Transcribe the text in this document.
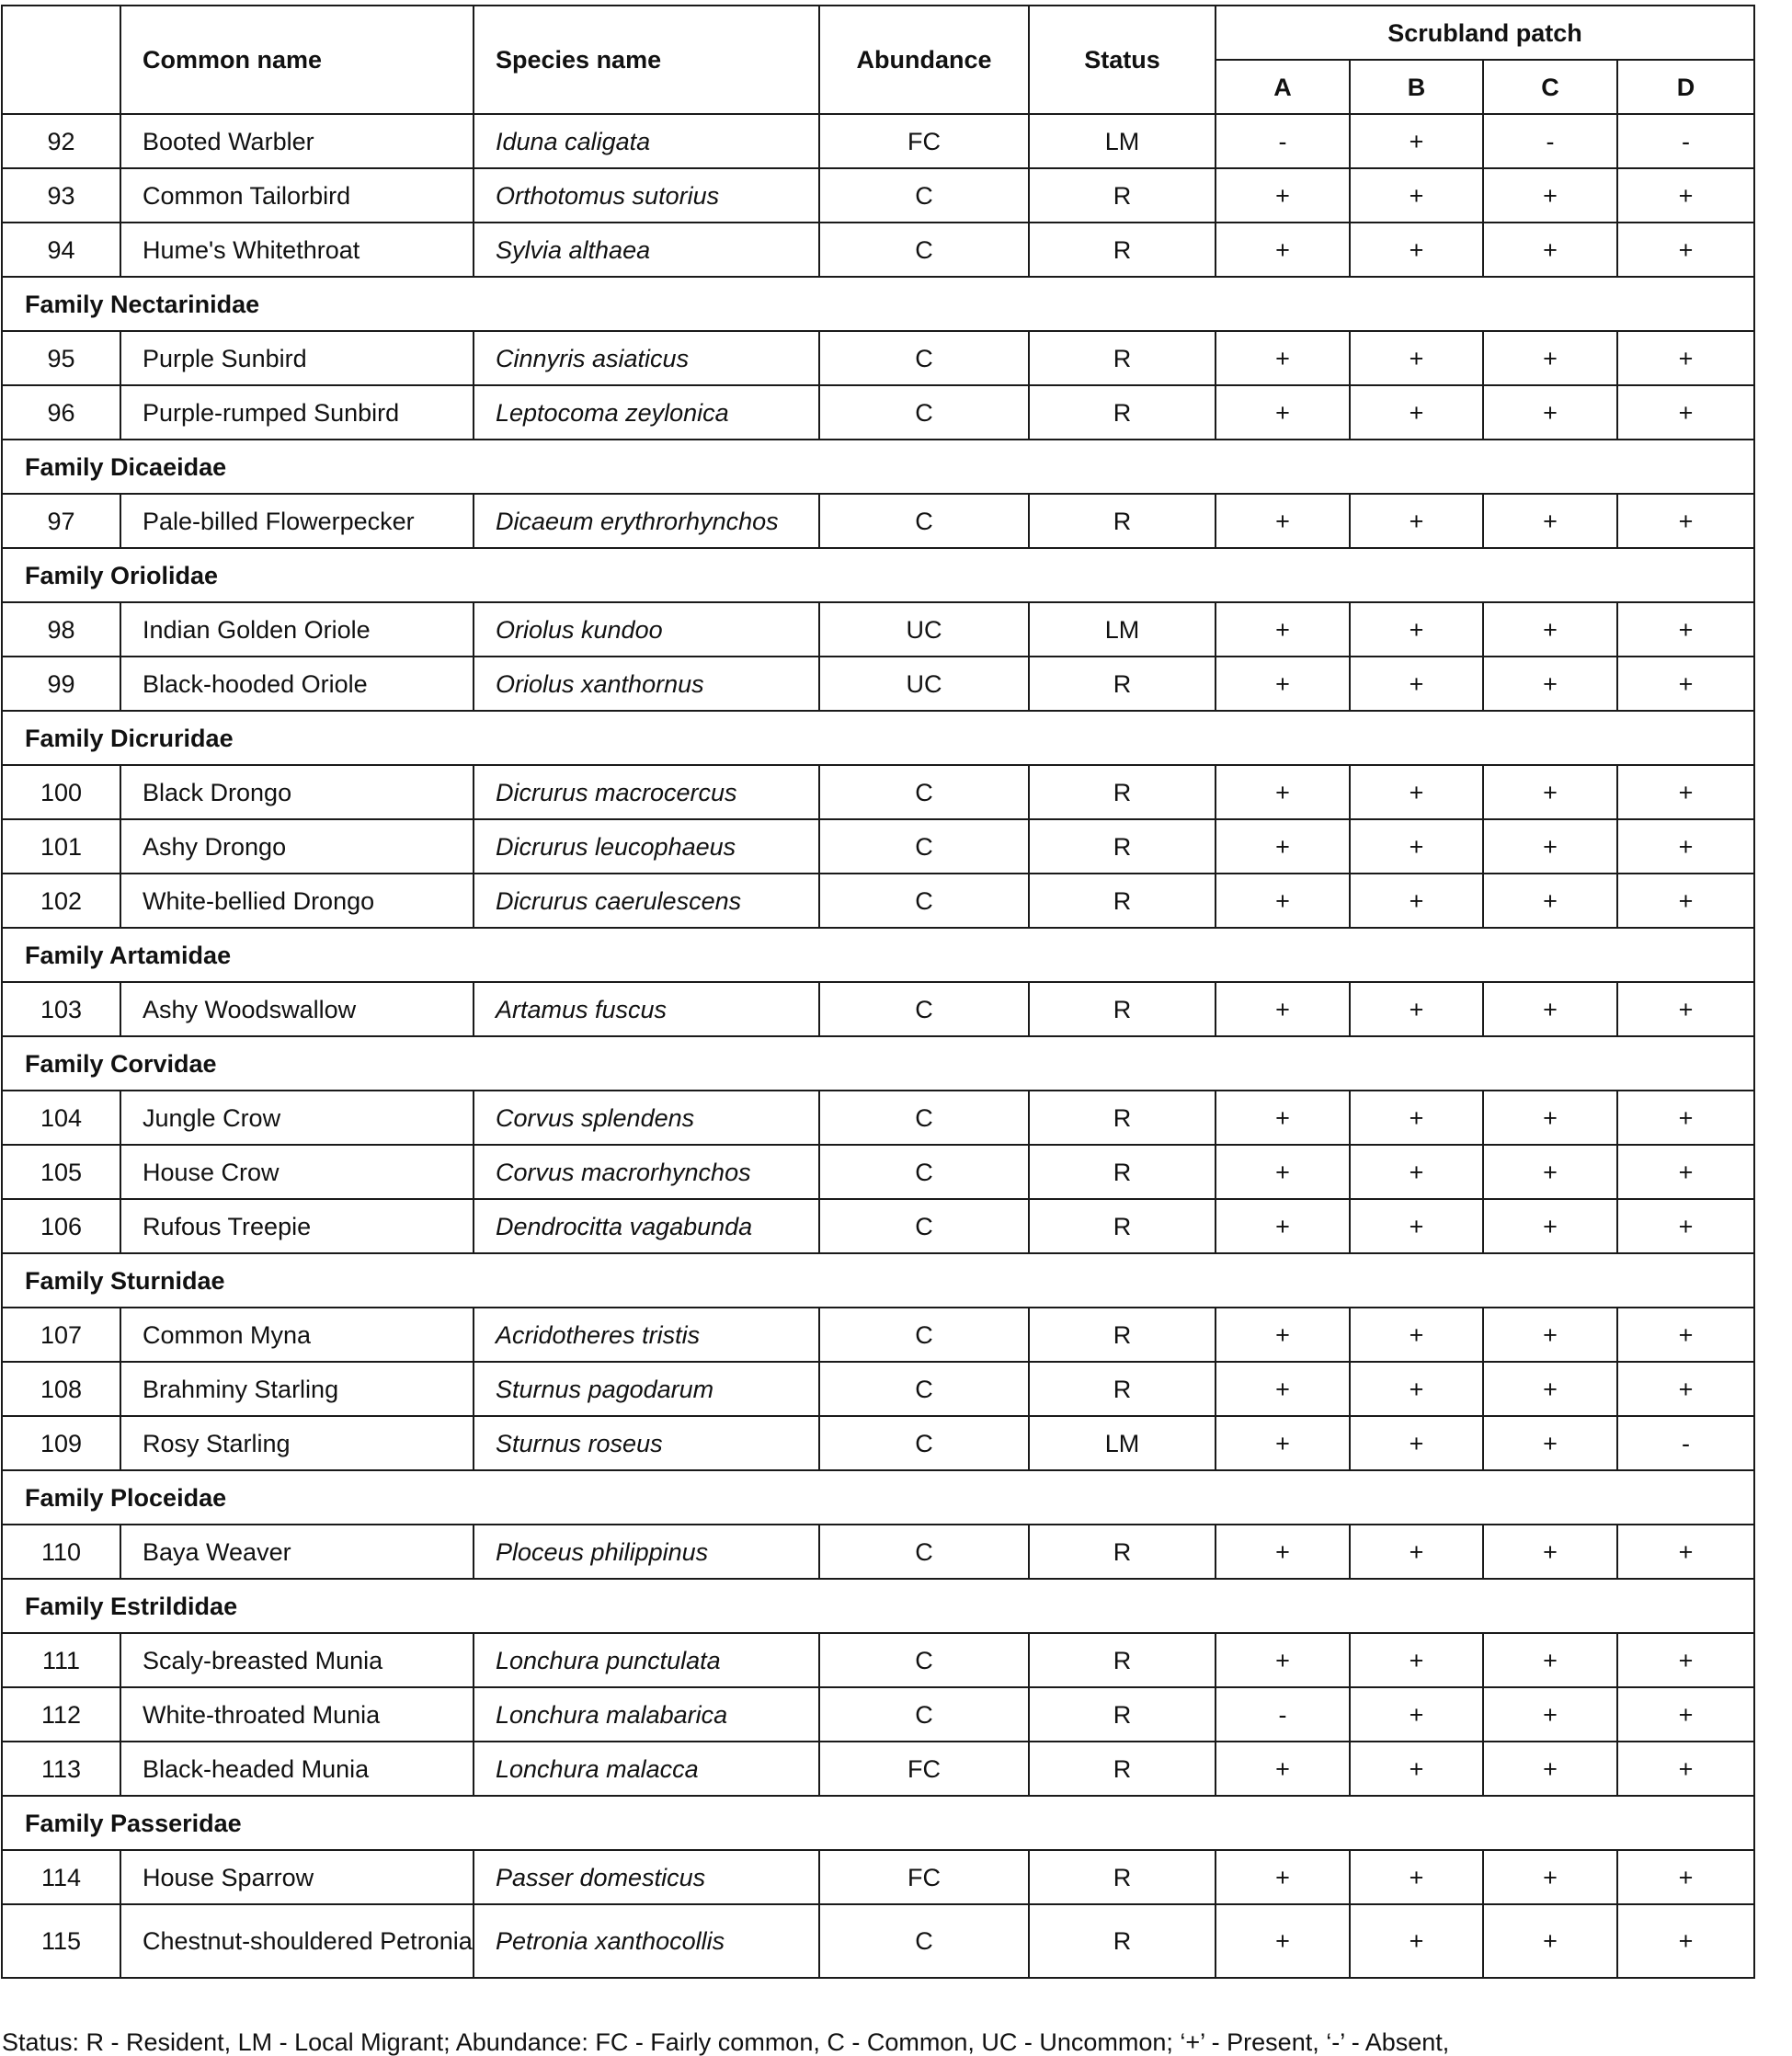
	Common name	Species name	Abundance	Status	Scrubland patch			
					A	B	C	D
92	Booted Warbler	Iduna caligata	FC	LM	-	+	-	-
93	Common Tailorbird	Orthotomus sutorius	C	R	+	+	+	+
94	Hume's Whitethroat	Sylvia althaea	C	R	+	+	+	+
Family Nectarinidae								
95	Purple Sunbird	Cinnyris asiaticus	C	R	+	+	+	+
96	Purple-rumped Sunbird	Leptocoma zeylonica	C	R	+	+	+	+
Family Dicaeidae								
97	Pale-billed Flowerpecker	Dicaeum erythrorhynchos	C	R	+	+	+	+
Family Oriolidae								
98	Indian Golden Oriole	Oriolus kundoo	UC	LM	+	+	+	+
99	Black-hooded Oriole	Oriolus xanthornus	UC	R	+	+	+	+
Family Dicruridae								
100	Black Drongo	Dicrurus macrocercus	C	R	+	+	+	+
101	Ashy Drongo	Dicrurus leucophaeus	C	R	+	+	+	+
102	White-bellied Drongo	Dicrurus caerulescens	C	R	+	+	+	+
Family Artamidae								
103	Ashy Woodswallow	Artamus fuscus	C	R	+	+	+	+
Family Corvidae								
104	Jungle Crow	Corvus splendens	C	R	+	+	+	+
105	House Crow	Corvus macrorhynchos	C	R	+	+	+	+
106	Rufous Treepie	Dendrocitta vagabunda	C	R	+	+	+	+
Family Sturnidae								
107	Common Myna	Acridotheres tristis	C	R	+	+	+	+
108	Brahminy Starling	Sturnus pagodarum	C	R	+	+	+	+
109	Rosy Starling	Sturnus roseus	C	LM	+	+	+	-
Family Ploceidae								
110	Baya Weaver	Ploceus philippinus	C	R	+	+	+	+
Family Estrildidae								
111	Scaly-breasted Munia	Lonchura punctulata	C	R	+	+	+	+
112	White-throated Munia	Lonchura malabarica	C	R	-	+	+	+
113	Black-headed Munia	Lonchura malacca	FC	R	+	+	+	+
Family Passeridae								
114	House Sparrow	Passer domesticus	FC	R	+	+	+	+
115	Chestnut-shouldered Petronia	Petronia xanthocollis	C	R	+	+	+	+
Status: R - Resident, LM - Local Migrant; Abundance: FC - Fairly common, C - Common, UC - Uncommon; ‘+’ - Present, ‘-’ - Absent,
